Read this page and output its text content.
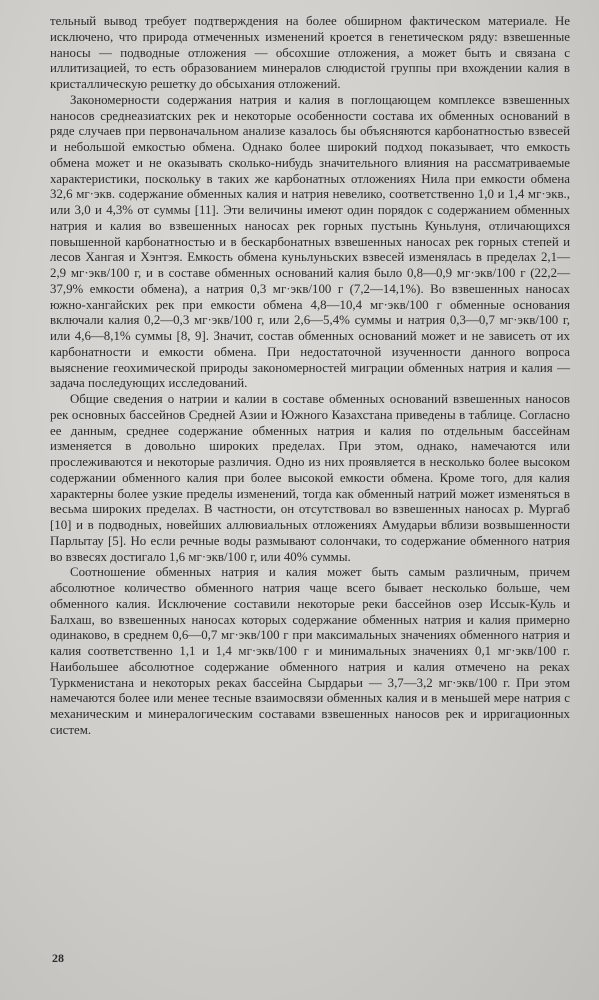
тельный вывод требует подтверждения на более обширном фактическом материале. Не исключено, что природа отмеченных изменений кроется в генетическом ряду: взвешенные наносы — подводные отложения — обсохшие отложения, а может быть и связана с иллитизацией, то есть образованием минералов слюдистой группы при вхождении калия в кристаллическую решетку до обсыхания отложений.

Закономерности содержания натрия и калия в поглощающем комплексе взвешенных наносов среднеазиатских рек и некоторые особенности состава их обменных оснований в ряде случаев при первоначальном анализе казалось бы объясняются карбонатностью взвесей и небольшой емкостью обмена. Однако более широкий подход показывает, что емкость обмена может и не оказывать сколько-нибудь значительного влияния на рассматриваемые характеристики, поскольку в таких же карбонатных отложениях Нила при емкости обмена 32,6 мг·экв. содержание обменных калия и натрия невелико, соответственно 1,0 и 1,4 мг·экв., или 3,0 и 4,3% от суммы [11]. Эти величины имеют один порядок с содержанием обменных натрия и калия во взвешенных наносах рек горных пустынь Куньлуня, отличающихся повышенной карбонатностью и в бескарбонатных взвешенных наносах рек горных степей и лесов Хангая и Хэнтэя. Емкость обмена куньлуньских взвесей изменялась в пределах 2,1—2,9 мг·экв/100 г, и в составе обменных оснований калия было 0,8—0,9 мг·экв/100 г (22,2—37,9% емкости обмена), а натрия 0,3 мг·экв/100 г (7,2—14,1%). Во взвешенных наносах южно-хангайских рек при емкости обмена 4,8—10,4 мг·экв/100 г обменные основания включали калия 0,2—0,3 мг·экв/100 г, или 2,6—5,4% суммы и натрия 0,3—0,7 мг·экв/100 г, или 4,6—8,1% суммы [8, 9]. Значит, состав обменных оснований может и не зависеть от их карбонатности и емкости обмена. При недостаточной изученности данного вопроса выяснение геохимической природы закономерностей миграции обменных натрия и калия — задача последующих исследований.

Общие сведения о натрии и калии в составе обменных оснований взвешенных наносов рек основных бассейнов Средней Азии и Южного Казахстана приведены в таблице. Согласно ее данным, среднее содержание обменных натрия и калия по отдельным бассейнам изменяется в довольно широких пределах. При этом, однако, намечаются или прослеживаются и некоторые различия. Одно из них проявляется в несколько более высоком содержании обменного калия при более высокой емкости обмена. Кроме того, для калия характерны более узкие пределы изменений, тогда как обменный натрий может изменяться в весьма широких пределах. В частности, он отсутствовал во взвешенных наносах р. Мургаб [10] и в подводных, новейших аллювиальных отложениях Амударьи вблизи возвышенности Парлытау [5]. Но если речные воды размывают солончаки, то содержание обменного натрия во взвесях достигало 1,6 мг·экв/100 г, или 40% суммы.

Соотношение обменных натрия и калия может быть самым различным, причем абсолютное количество обменного натрия чаще всего бывает несколько больше, чем обменного калия. Исключение составили некоторые реки бассейнов озер Иссык-Куль и Балхаш, во взвешенных наносах которых содержание обменных натрия и калия примерно одинаково, в среднем 0,6—0,7 мг·экв/100 г при максимальных значениях обменного натрия и калия соответственно 1,1 и 1,4 мг·экв/100 г и минимальных значениях 0,1 мг·экв/100 г. Наибольшее абсолютное содержание обменного натрия и калия отмечено на реках Туркменистана и некоторых реках бассейна Сырдарьи — 3,7—3,2 мг·экв/100 г. При этом намечаются более или менее тесные взаимосвязи обменных калия и в меньшей мере натрия с механическим и минералогическим составами взвешенных наносов рек и ирригационных систем.

28
